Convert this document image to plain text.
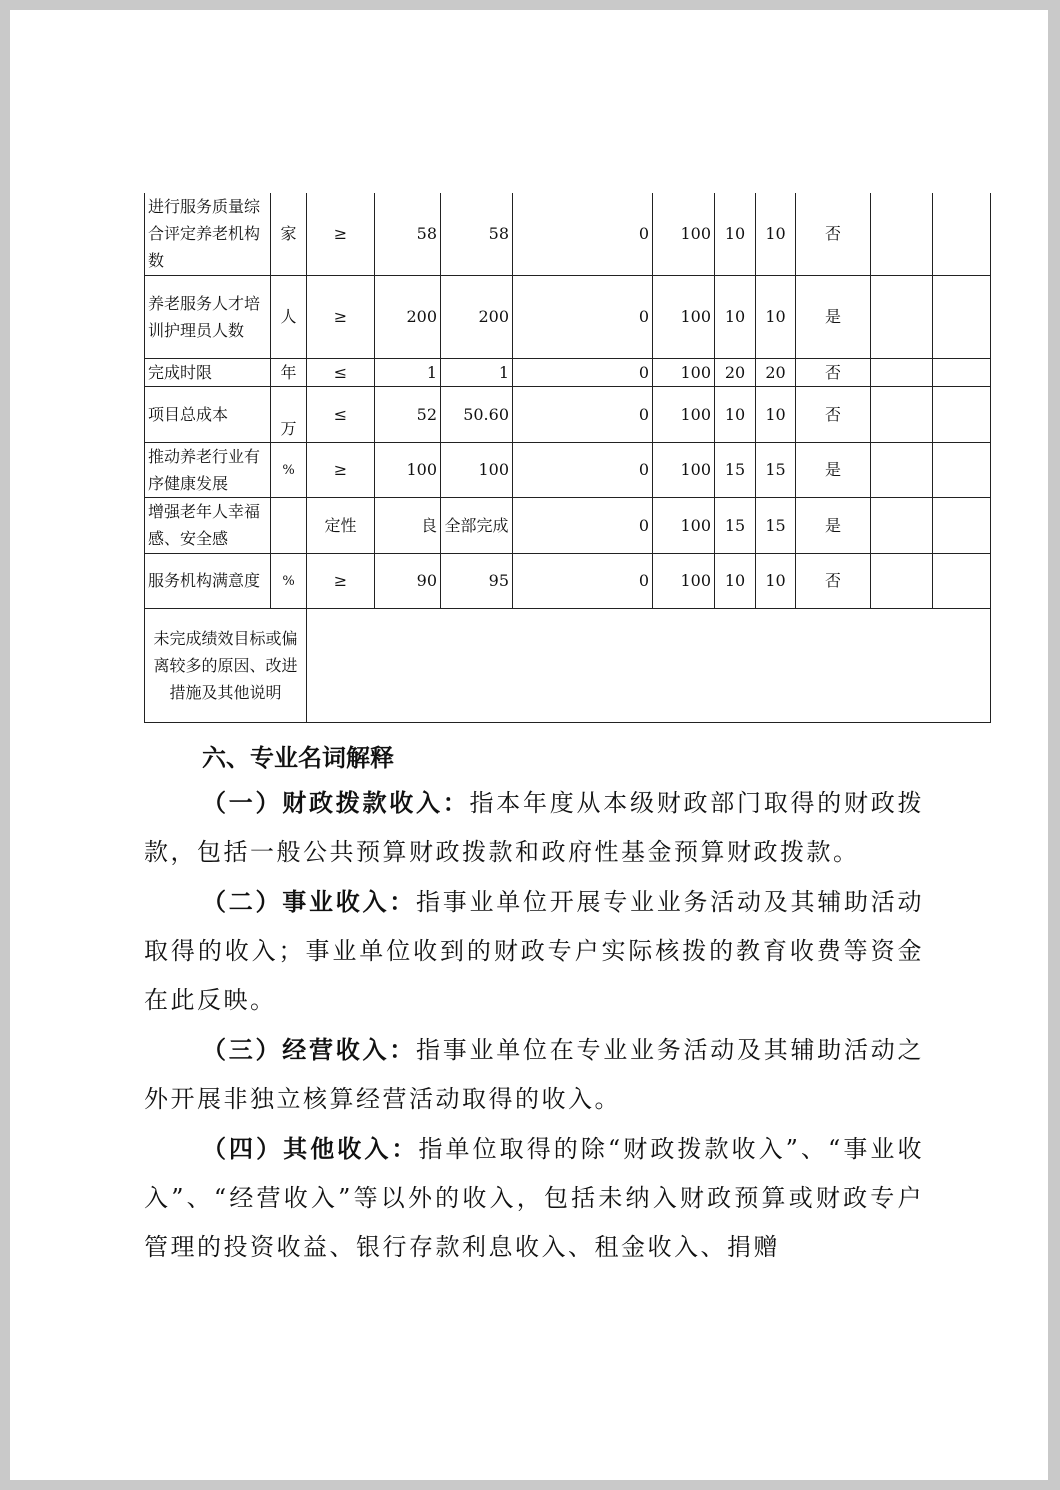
进行服务质量综合评定养老机构数	家	≥	58	58	0	100	10	10	否		
养老服务人才培训护理员人数	人	≥	200	200	0	100	10	10	是		
完成时限	年	≤	1	1	0	100	20	20	否		
项目总成本	万	≤	52	50.60	0	100	10	10	否		
推动养老行业有序健康发展	%	≥	100	100	0	100	15	15	是		
增强老年人幸福感、安全感		定性	良	全部完成	0	100	15	15	是		
服务机构满意度	%	≥	90	95	0	100	10	10	否		
未完成绩效目标或偏离较多的原因、改进措施及其他说明											

六、专业名词解释

（一）财政拨款收入：指本年度从本级财政部门取得的财政拨款，包括一般公共预算财政拨款和政府性基金预算财政拨款。

（二）事业收入：指事业单位开展专业业务活动及其辅助活动取得的收入；事业单位收到的财政专户实际核拨的教育收费等资金在此反映。

（三）经营收入：指事业单位在专业业务活动及其辅助活动之外开展非独立核算经营活动取得的收入。

（四）其他收入：指单位取得的除“财政拨款收入”、“事业收入”、“经营收入”等以外的收入，包括未纳入财政预算或财政专户管理的投资收益、银行存款利息收入、租金收入、捐赠
